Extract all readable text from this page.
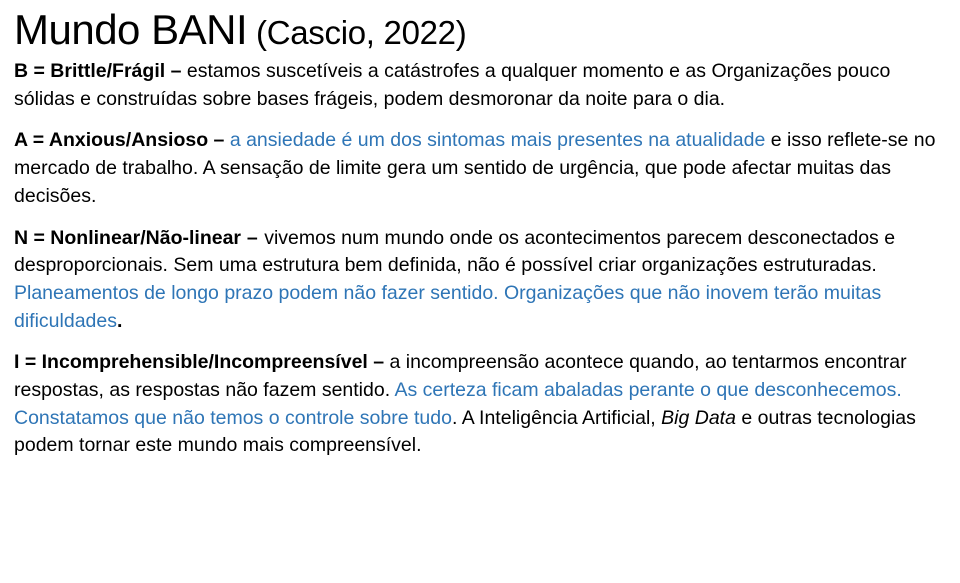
Mundo BANI (Cascio, 2022)

B = Brittle/Frágil – estamos suscetíveis a catástrofes a qualquer momento e as Organizações pouco sólidas e construídas sobre bases frágeis, podem desmoronar da noite para o dia.

A = Anxious/Ansioso – a ansiedade é um dos sintomas mais presentes na atualidade e isso reflete-se no mercado de trabalho. A sensação de limite gera um sentido de urgência, que pode afectar muitas das decisões.

N = Nonlinear/Não-linear – vivemos num mundo onde os acontecimentos parecem desconectados e desproporcionais. Sem uma estrutura bem definida, não é possível criar organizações estruturadas. Planeamentos de longo prazo podem não fazer sentido. Organizações que não inovem terão muitas dificuldades.

I = Incomprehensible/Incompreensível – a incompreensão acontece quando, ao tentarmos encontrar respostas, as respostas não fazem sentido. As certeza ficam abaladas perante o que desconhecemos. Constatamos que não temos o controle sobre tudo. A Inteligência Artificial, Big Data e outras tecnologias podem tornar este mundo mais compreensível.
